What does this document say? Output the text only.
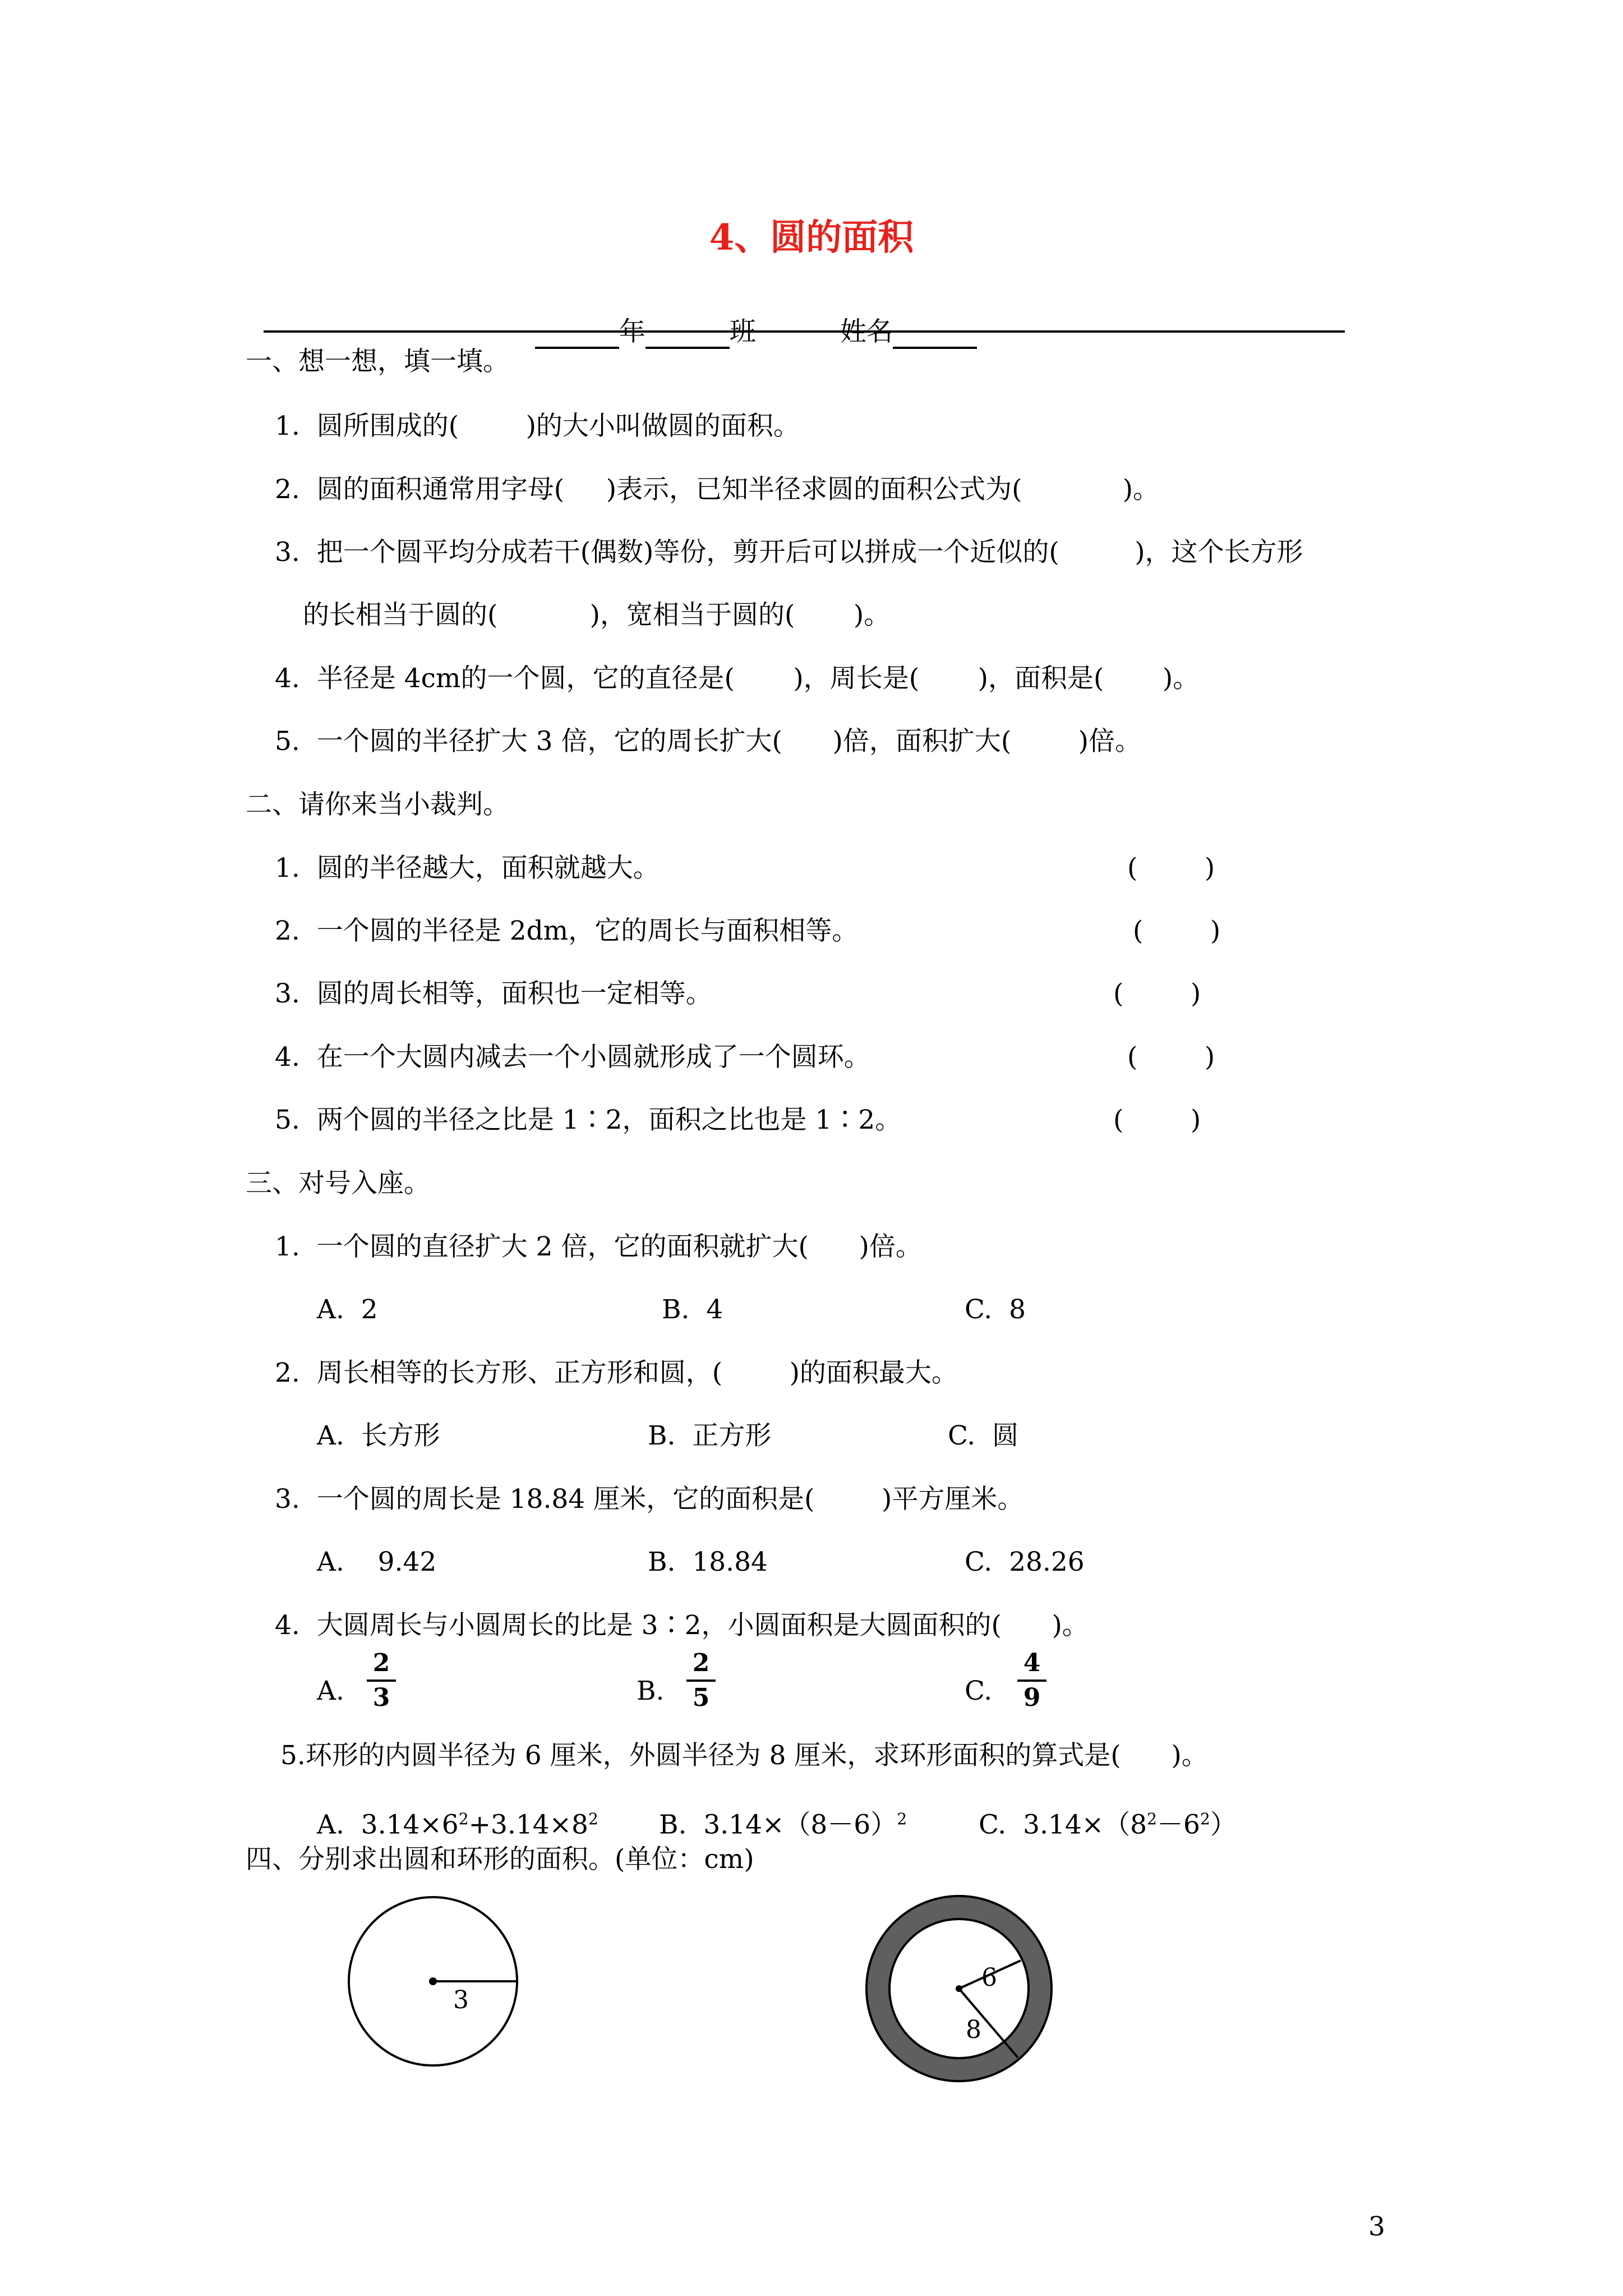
4、圆的面积

年	班	姓名

一、想一想，填一填。
1.  圆所围成的(        )的大小叫做圆的面积。
2.  圆的面积通常用字母(     )表示，已知半径求圆的面积公式为(            )。
3.  把一个圆平均分成若干(偶数)等份，剪开后可以拼成一个近似的(         )，这个长方形
的长相当于圆的(           )，宽相当于圆的(       )。
4.  半径是 4cm的一个圆，它的直径是(       )，周长是(       )，面积是(       )。
5.  一个圆的半径扩大 3 倍，它的周长扩大(      )倍，面积扩大(        )倍。
二、请你来当小裁判。
1.  圆的半径越大，面积就越大。	(        )
2.  一个圆的半径是 2dm，它的周长与面积相等。	(        )
3.  圆的周长相等，面积也一定相等。	(        )
4.  在一个大圆内减去一个小圆就形成了一个圆环。	(        )
5.  两个圆的半径之比是 1∶2，面积之比也是 1∶2。	(        )
三、对号入座。
1.  一个圆的直径扩大 2 倍，它的面积就扩大(      )倍。
A.  2	B.  4	C.  8
2.  周长相等的长方形、正方形和圆，(        )的面积最大。
A.  长方形	B.  正方形	C.  圆
3.  一个圆的周长是 18.84 厘米，它的面积是(        )平方厘米。
A.    9.42	B.  18.84	C.  28.26
4.  大圆周长与小圆周长的比是 3∶2，小圆面积是大圆面积的(      )。
A.
2
3	B.
2
5	C.
4
9
5.环形的内圆半径为 6 厘米，外圆半径为 8 厘米，求环形面积的算式是(      )。
A.  $3.14\times 6^2+3.14\times 8^2$ B.  $3.14\times(8-6)^2$	C.  $3.14\times(8^2-6^2)$
四、分别求出圆和环形的面积。(单位：cm)
3
6
8
3
